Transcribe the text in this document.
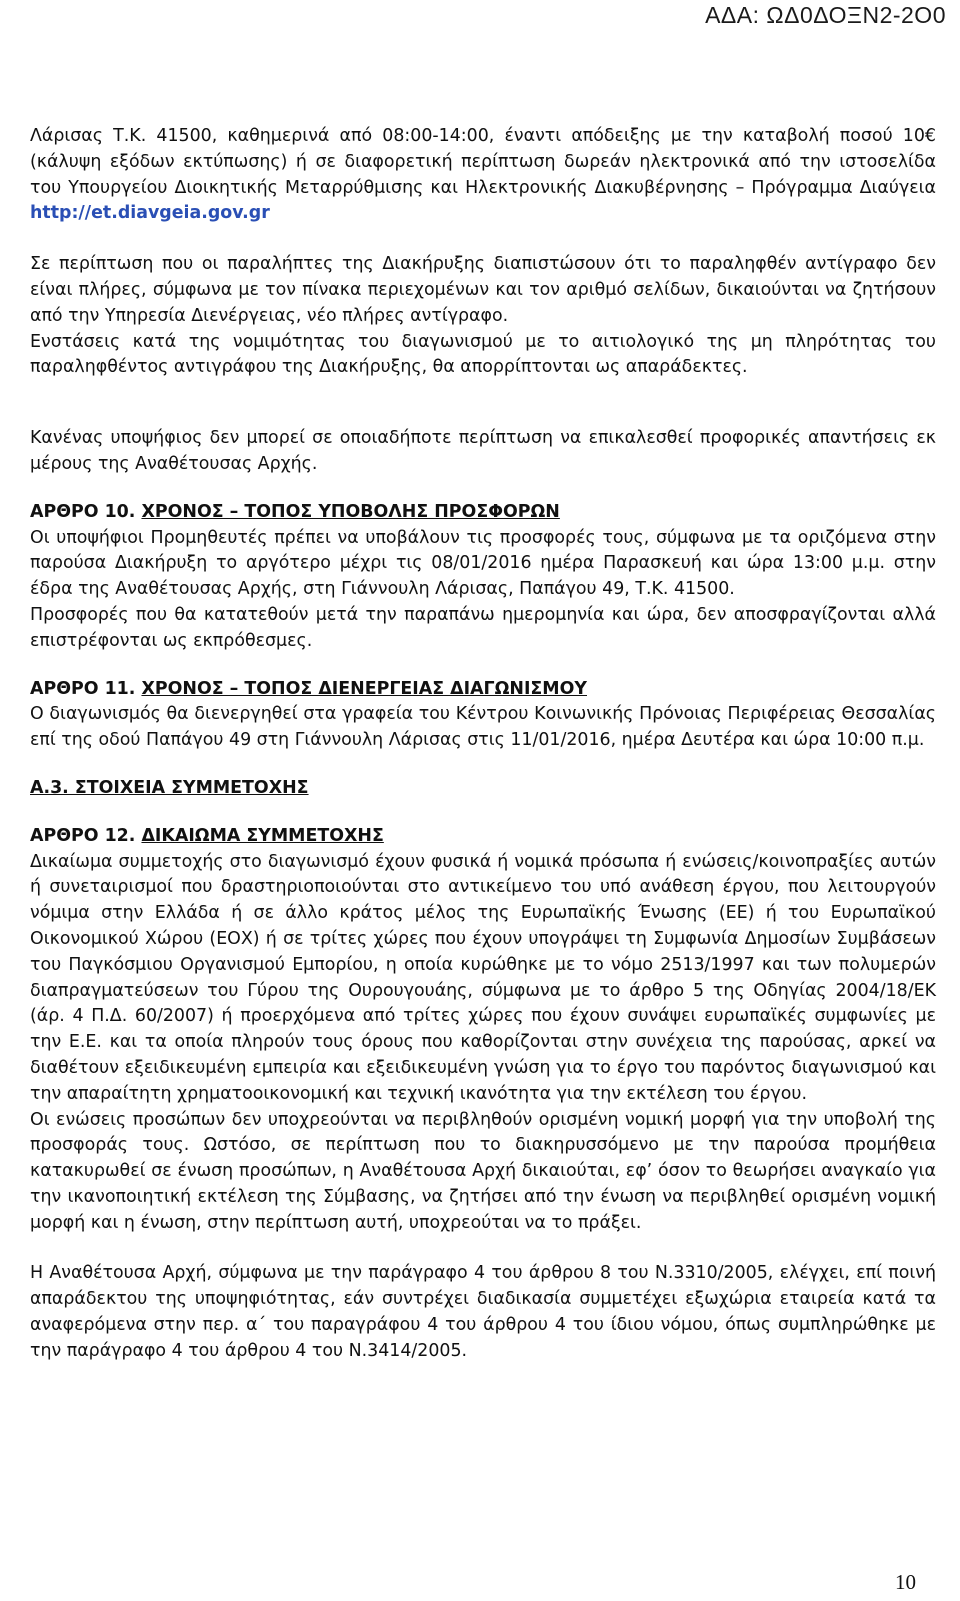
ΑΔΑ: ΩΔ0ΔΟΞΝ2-2Ο0

Λάρισας Τ.Κ. 41500, καθημερινά από 08:00-14:00, έναντι απόδειξης με την καταβολή ποσού 10€ (κάλυψη εξόδων εκτύπωσης) ή σε διαφορετική περίπτωση δωρεάν ηλεκτρονικά από την ιστοσελίδα του Υπουργείου Διοικητικής Μεταρρύθμισης και Ηλεκτρονικής Διακυβέρνησης – Πρόγραμμα Διαύγεια http://et.diavgeia.gov.gr

Σε περίπτωση που οι παραλήπτες της Διακήρυξης διαπιστώσουν ότι το παραληφθέν αντίγραφο δεν είναι πλήρες, σύμφωνα με τον πίνακα περιεχομένων και τον αριθμό σελίδων, δικαιούνται να ζητήσουν από την Υπηρεσία Διενέργειας, νέο πλήρες αντίγραφο.

Ενστάσεις κατά της νομιμότητας του διαγωνισμού με το αιτιολογικό της μη πληρότητας του παραληφθέντος αντιγράφου της Διακήρυξης, θα απορρίπτονται ως απαράδεκτες.

Κανένας υποψήφιος δεν μπορεί σε οποιαδήποτε περίπτωση να επικαλεσθεί προφορικές απαντήσεις εκ μέρους της Αναθέτουσας Αρχής.

ΑΡΘΡΟ 10. ΧΡΟΝΟΣ – ΤΟΠΟΣ ΥΠΟΒΟΛΗΣ ΠΡΟΣΦΟΡΩΝ

Οι υποψήφιοι Προμηθευτές πρέπει να υποβάλουν τις προσφορές τους, σύμφωνα με τα οριζόμενα στην παρούσα Διακήρυξη το αργότερο μέχρι τις 08/01/2016 ημέρα Παρασκευή και ώρα 13:00 μ.μ. στην έδρα της Αναθέτουσας Αρχής, στη Γιάννουλη Λάρισας, Παπάγου 49, Τ.Κ. 41500.

Προσφορές που θα κατατεθούν μετά την παραπάνω ημερομηνία και ώρα, δεν αποσφραγίζονται αλλά επιστρέφονται ως εκπρόθεσμες.

ΑΡΘΡΟ 11. ΧΡΟΝΟΣ – ΤΟΠΟΣ ΔΙΕΝΕΡΓΕΙΑΣ ΔΙΑΓΩΝΙΣΜΟΥ

Ο διαγωνισμός θα διενεργηθεί στα γραφεία του Κέντρου Κοινωνικής Πρόνοιας Περιφέρειας Θεσσαλίας επί της οδού Παπάγου 49 στη Γιάννουλη Λάρισας στις 11/01/2016, ημέρα Δευτέρα και ώρα 10:00 π.μ.

Α.3. ΣΤΟΙΧΕΙΑ ΣΥΜΜΕΤΟΧΗΣ
ΑΡΘΡΟ 12. ΔΙΚΑΙΩΜΑ ΣΥΜΜΕΤΟΧΗΣ

Δικαίωμα συμμετοχής στο διαγωνισμό έχουν φυσικά ή νομικά πρόσωπα ή ενώσεις/κοινοπραξίες αυτών ή συνεταιρισμοί που δραστηριοποιούνται στο αντικείμενο του υπό ανάθεση έργου, που λειτουργούν νόμιμα στην Ελλάδα ή σε άλλο κράτος μέλος της Ευρωπαϊκής Ένωσης (ΕΕ) ή του Ευρωπαϊκού Οικονομικού Χώρου (ΕΟΧ) ή σε τρίτες χώρες που έχουν υπογράψει τη Συμφωνία Δημοσίων Συμβάσεων του Παγκόσμιου Οργανισμού Εμπορίου, η οποία κυρώθηκε με το νόμο 2513/1997 και των πολυμερών διαπραγματεύσεων του Γύρου της Ουρουγουάης, σύμφωνα με το άρθρο 5 της Οδηγίας 2004/18/ΕΚ (άρ. 4 Π.Δ. 60/2007) ή προερχόμενα από τρίτες χώρες που έχουν συνάψει ευρωπαϊκές συμφωνίες με την Ε.Ε. και τα οποία πληρούν τους όρους που καθορίζονται στην συνέχεια της παρούσας, αρκεί να διαθέτουν εξειδικευμένη εμπειρία και εξειδικευμένη γνώση για το έργο του παρόντος διαγωνισμού και την απαραίτητη χρηματοοικονομική και τεχνική ικανότητα για την εκτέλεση του έργου.

Οι ενώσεις προσώπων δεν υποχρεούνται να περιβληθούν ορισμένη νομική μορφή για την υποβολή της προσφοράς τους. Ωστόσο, σε περίπτωση που το διακηρυσσόμενο με την παρούσα προμήθεια κατακυρωθεί σε ένωση προσώπων, η Αναθέτουσα Αρχή δικαιούται, εφ’ όσον το θεωρήσει αναγκαίο για την ικανοποιητική εκτέλεση της Σύμβασης, να ζητήσει από την ένωση να περιβληθεί ορισμένη νομική μορφή και η ένωση, στην περίπτωση αυτή, υποχρεούται να το πράξει.

Η Αναθέτουσα Αρχή, σύμφωνα με την παράγραφο 4 του άρθρου 8 του Ν.3310/2005, ελέγχει, επί ποινή απαράδεκτου της υποψηφιότητας, εάν συντρέχει διαδικασία συμμετέχει εξωχώρια εταιρεία κατά τα αναφερόμενα στην περ. α΄ του παραγράφου 4 του άρθρου 4 του ίδιου νόμου, όπως συμπληρώθηκε με την παράγραφο 4 του άρθρου 4 του Ν.3414/2005.

10
